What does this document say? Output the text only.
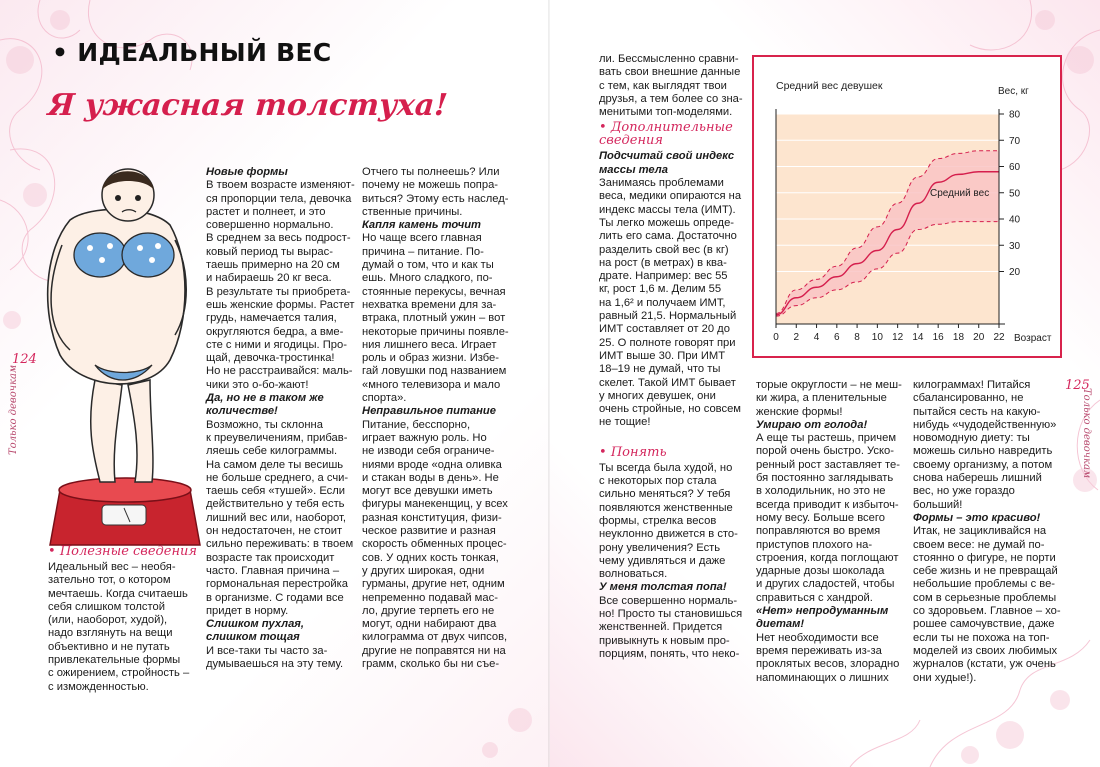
• ИДЕАЛЬНЫЙ ВЕС
Я ужасная толстуха!
124
Только девочкам
• Полезные сведения
Идеальный вес – необя-
зательно тот, о котором
мечтаешь. Когда считаешь
себя слишком толстой
(или, наоборот, худой),
надо взглянуть на вещи
объективно и не путать
привлекательные формы
с ожирением, стройность –
с изможденностью.
Новые формы
В твоем возрасте изменяют-
ся пропорции тела, девочка
растет и полнеет, и это
совершенно нормально.
В среднем за весь подрост-
ковый период ты выраc-
таешь примерно на 20 см
и набираешь 20 кг веса.
В результате ты приобрета-
ешь женские формы. Растет
грудь, намечается талия,
округляются бедра, а вме-
сте с ними и ягодицы. Про-
щай, девочка-тростинка!
Но не расстраивайся: маль-
чики это о-бо-жают!
Да, но не в таком же
количестве!
Возможно, ты склонна
к преувеличениям, прибав-
ляешь себе килограммы.
На самом деле ты весишь
не больше среднего, а счи-
таешь себя «тушей». Если
действительно у тебя есть
лишний вес или, наоборот,
он недостаточен, не стоит
сильно переживать: в твоем
возрасте так происходит
часто. Главная причина –
гормональная перестройка
в организме. С годами все
придет в норму.
Слишком пухлая,
слишком тощая
И все-таки ты часто за-
думываешься на эту тему.
Отчего ты полнеешь? Или
почему не можешь попра-
виться? Этому есть наслед-
ственные причины.
Капля камень точит
Но чаще всего главная
причина – питание. По-
думай о том, что и как ты
ешь. Много сладкого, по-
стоянные перекусы, вечная
нехватка времени для за-
втрака, плотный ужин – вот
некоторые причины появле-
ния лишнего веса. Играет
роль и образ жизни. Избе-
гай ловушки под названием
«много телевизора и мало
спорта».
Неправильное питание
Питание, бесспорно,
играет важную роль. Но
не изводи себя ограниче-
ниями вроде «одна оливка
и стакан воды в день». Не
могут все девушки иметь
фигуры манекенщиц, у всех
разная конституция, физи-
ческое развитие и разная
скорость обменных процес-
сов. У одних кость тонкая,
у других широкая, одни
гурманы, другие нет, одним
непременно подавай мас-
ло, другие терпеть его не
могут, одни набирают два
килограмма от двух чипсов,
другие не поправятся ни на
грамм, сколько бы ни съе-
125
Только девочкам
ли. Бессмысленно сравни-
вать свои внешние данные
с тем, как выглядят твои
друзья, а тем более со зна-
менитыми топ-моделями.
• Дополнительные
сведения
Подсчитай свой индекс
массы тела
Занимаясь проблемами
веса, медики опираются на
индекс массы тела (ИМТ).
Ты легко можешь опреде-
лить его сама. Достаточно
разделить свой вес (в кг)
на рост (в метрах) в ква-
драте. Например: вес 55
кг, рост 1,6 м. Делим 55
на 1,6² и получаем ИМТ,
равный 21,5. Нормальный
ИМТ составляет от 20 до
25. О полноте говорят при
ИМТ выше 30. При ИМТ
18–19 не думай, что ты
скелет. Такой ИМТ бывает
у многих девушек, они
очень стройные, но совсем
не тощие!
• Понять
Ты всегда была худой, но
с некоторых пор стала
сильно меняться? У тебя
появляются женственные
формы, стрелка весов
неуклонно движется в сто-
рону увеличения? Есть
чему удивляться и даже
волноваться.
У меня толстая попа!
Все совершенно нормаль-
но! Просто ты становишься
женственней. Придется
привыкнуть к новым про-
порциям, понять, что неко-
торые округлости – не меш-
ки жира, а пленительные
женские формы!
Умираю от голода!
А еще ты растешь, причем
порой очень быстро. Уско-
ренный рост заставляет те-
бя постоянно заглядывать
в холодильник, но это не
всегда приводит к избыточ-
ному весу. Больше всего
поправляются во время
приступов плохого на-
строения, когда поглощают
ударные дозы шоколада
и других сладостей, чтобы
справиться с хандрой.
«Нет» непродуманным
диетам!
Нет необходимости все
время переживать из-за
проклятых весов, злорадно
напоминающих о лишних
килограммах! Питайся
сбалансированно, не
пытайся сесть на какую-
нибудь «чудодейственную»
новомодную диету: ты
можешь сильно навредить
своему организму, а потом
снова наберешь лишний
вес, но уже гораздо
больший!
Формы – это красиво!
Итак, не зацикливайся на
своем весе: не думай по-
стоянно о фигуре, не порти
себе жизнь и не превращай
небольшие проблемы с ве-
сом в серьезные проблемы
со здоровьем. Главное – хо-
рошее самочувствие, даже
если ты не похожа на топ-
моделей из своих любимых
журналов (кстати, уж очень
они худые!).
Средний вес девушек	Вес, кг
Возраст
0 2 4 6 8 10 12 14 16 18 20 22
20
30
40
50
60
70
80
Средний вес
